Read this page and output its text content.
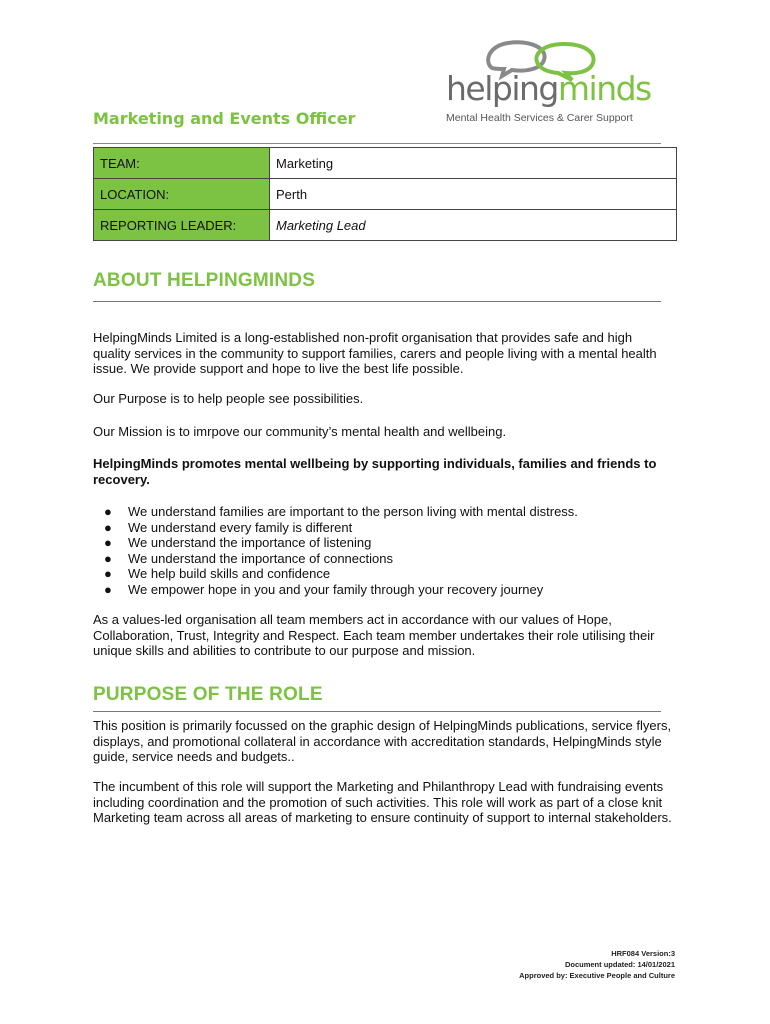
helpingminds
Mental Health Services & Carer Support
Marketing and Events Officer
TEAM:	Marketing
LOCATION:	Perth
REPORTING LEADER:	Marketing Lead
ABOUT HELPINGMINDS

HelpingMinds Limited is a long-established non-profit organisation that provides safe and high quality services in the community to support families, carers and people living with a mental health issue. We provide support and hope to live the best life possible.

Our Purpose is to help people see possibilities.

Our Mission is to imrpove our community’s mental health and wellbeing.

HelpingMinds promotes mental wellbeing by supporting individuals, families and friends to recovery.

● We understand families are important to the person living with mental distress.
● We understand every family is different
● We understand the importance of listening
● We understand the importance of connections
● We help build skills and confidence
● We empower hope in you and your family through your recovery journey

As a values-led organisation all team members act in accordance with our values of Hope, Collaboration, Trust, Integrity and Respect. Each team member undertakes their role utilising their unique skills and abilities to contribute to our purpose and mission.

PURPOSE OF THE ROLE

This position is primarily focussed on the graphic design of HelpingMinds publications, service flyers, displays, and promotional collateral in accordance with accreditation standards, HelpingMinds style guide, service needs and budgets..

The incumbent of this role will support the Marketing and Philanthropy Lead with fundraising events including coordination and the promotion of such activities. This role will work as part of a close knit Marketing team across all areas of marketing to ensure continuity of support to internal stakeholders.

HRF084 Version:3
Document updated: 14/01/2021
Approved by: Executive People and Culture
